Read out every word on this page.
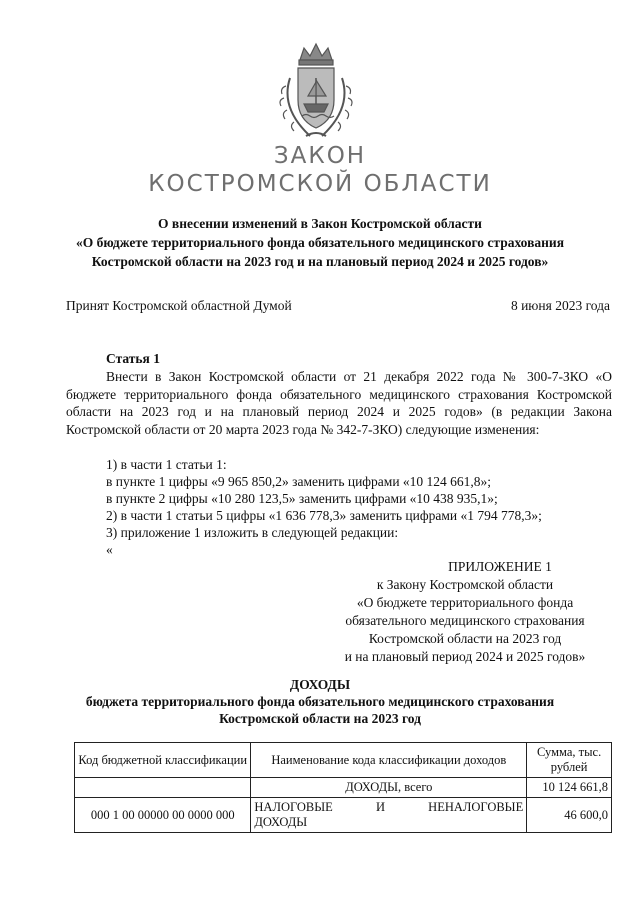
ЗАКОН
КОСТРОМСКОЙ ОБЛАСТИ
О внесении изменений в Закон Костромской области
«О бюджете территориального фонда обязательного медицинского страхования
Костромской области на 2023 год и на плановый период 2024 и 2025 годов»
Принят Костромской областной Думой	8 июня 2023 года
Статья 1
Внести в Закон Костромской области от 21 декабря 2022 года № 300-7-ЗКО «О бюджете территориального фонда обязательного медицинского страхования Костромской области на 2023 год и на плановый период 2024 и 2025 годов» (в редакции Закона Костромской области от 20 марта 2023 года № 342-7-ЗКО) следующие изменения:
1) в части 1 статьи 1:
в пункте 1 цифры «9 965 850,2» заменить цифрами «10 124 661,8»;
в пункте 2 цифры «10 280 123,5» заменить цифрами «10 438 935,1»;
2) в части 1 статьи 5 цифры «1 636 778,3» заменить цифрами «1 794 778,3»;
3) приложение 1 изложить в следующей редакции:
«
ПРИЛОЖЕНИЕ 1
к Закону Костромской области
«О бюджете территориального фонда
обязательного медицинского страхования
Костромской области на 2023 год
и на плановый период 2024 и 2025 годов»
ДОХОДЫ
бюджета территориального фонда обязательного медицинского страхования
Костромской области на 2023 год
Код бюджетной классификации	Наименование кода классификации доходов	Сумма, тыс. рублей
	ДОХОДЫ, всего	10 124 661,8
000 1 00 00000 00 0000 000	НАЛОГОВЫЕ И НЕНАЛОГОВЫЕ
ДОХОДЫ	46 600,0
